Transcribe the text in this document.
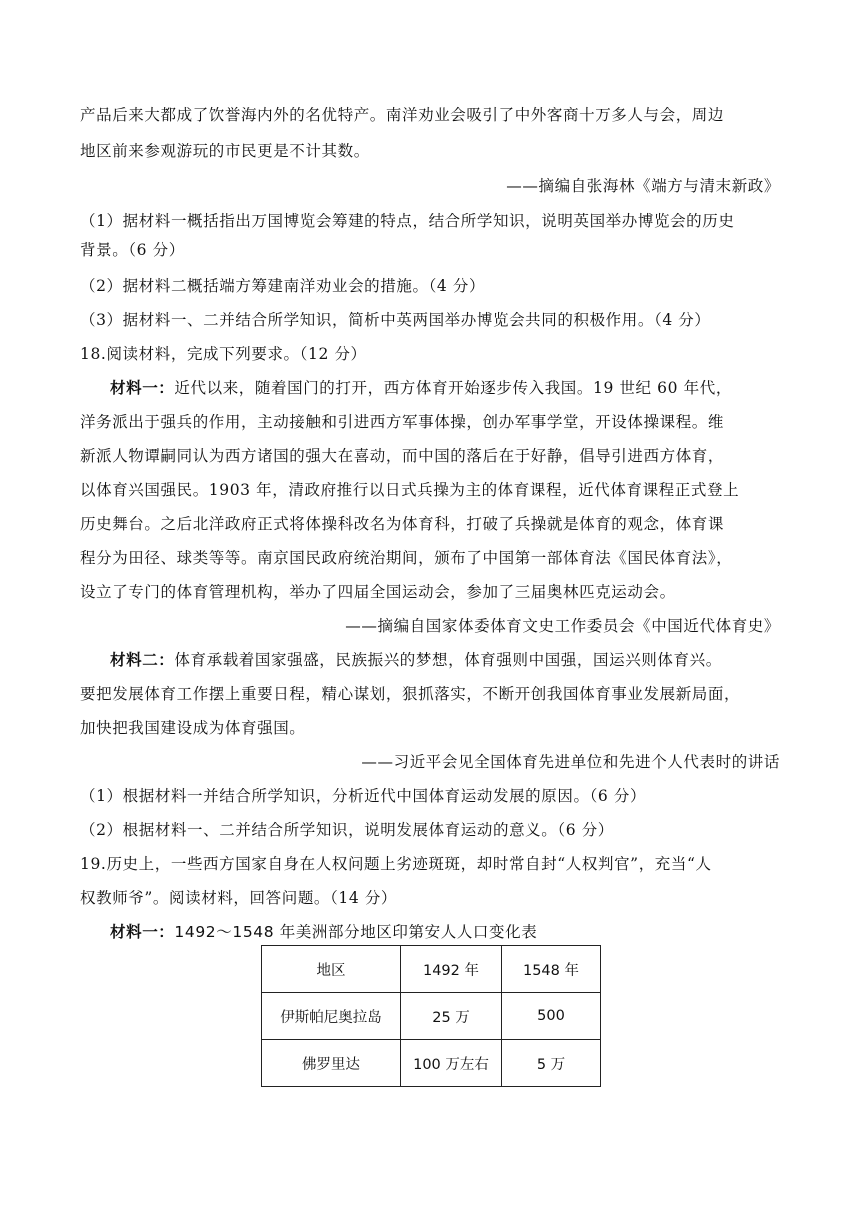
产品后来大都成了饮誉海内外的名优特产。南洋劝业会吸引了中外客商十万多人与会，周边
地区前来参观游玩的市民更是不计其数。
——摘编自张海林《端方与清末新政》
（1）据材料一概括指出万国博览会筹建的特点，结合所学知识，说明英国举办博览会的历史
背景。（6 分）
（2）据材料二概括端方筹建南洋劝业会的措施。（4 分）
（3）据材料一、二并结合所学知识，简析中英两国举办博览会共同的积极作用。（4 分）
18.阅读材料，完成下列要求。（12 分）
材料一：近代以来，随着国门的打开，西方体育开始逐步传入我国。19 世纪 60 年代，
洋务派出于强兵的作用，主动接触和引进西方军事体操，创办军事学堂，开设体操课程。维
新派人物谭嗣同认为西方诸国的强大在喜动，而中国的落后在于好静，倡导引进西方体育，
以体育兴国强民。1903 年，清政府推行以日式兵操为主的体育课程，近代体育课程正式登上
历史舞台。之后北洋政府正式将体操科改名为体育科，打破了兵操就是体育的观念，体育课
程分为田径、球类等等。南京国民政府统治期间，颁布了中国第一部体育法《国民体育法》，
设立了专门的体育管理机构，举办了四届全国运动会，参加了三届奥林匹克运动会。
——摘编自国家体委体育文史工作委员会《中国近代体育史》
材料二：体育承载着国家强盛，民族振兴的梦想，体育强则中国强，国运兴则体育兴。
要把发展体育工作摆上重要日程，精心谋划，狠抓落实，不断开创我国体育事业发展新局面，
加快把我国建设成为体育强国。
——习近平会见全国体育先进单位和先进个人代表时的讲话
（1）根据材料一并结合所学知识，分析近代中国体育运动发展的原因。（6 分）
（2）根据材料一、二并结合所学知识，说明发展体育运动的意义。（6 分）
19.历史上，一些西方国家自身在人权问题上劣迹斑斑，却时常自封“人权判官”，充当“人
权教师爷”。阅读材料，回答问题。（14 分）
材料一：1492～1548 年美洲部分地区印第安人人口变化表
地区	1492 年	1548 年
伊斯帕尼奥拉岛	25 万	500
佛罗里达	100 万左右	5 万
